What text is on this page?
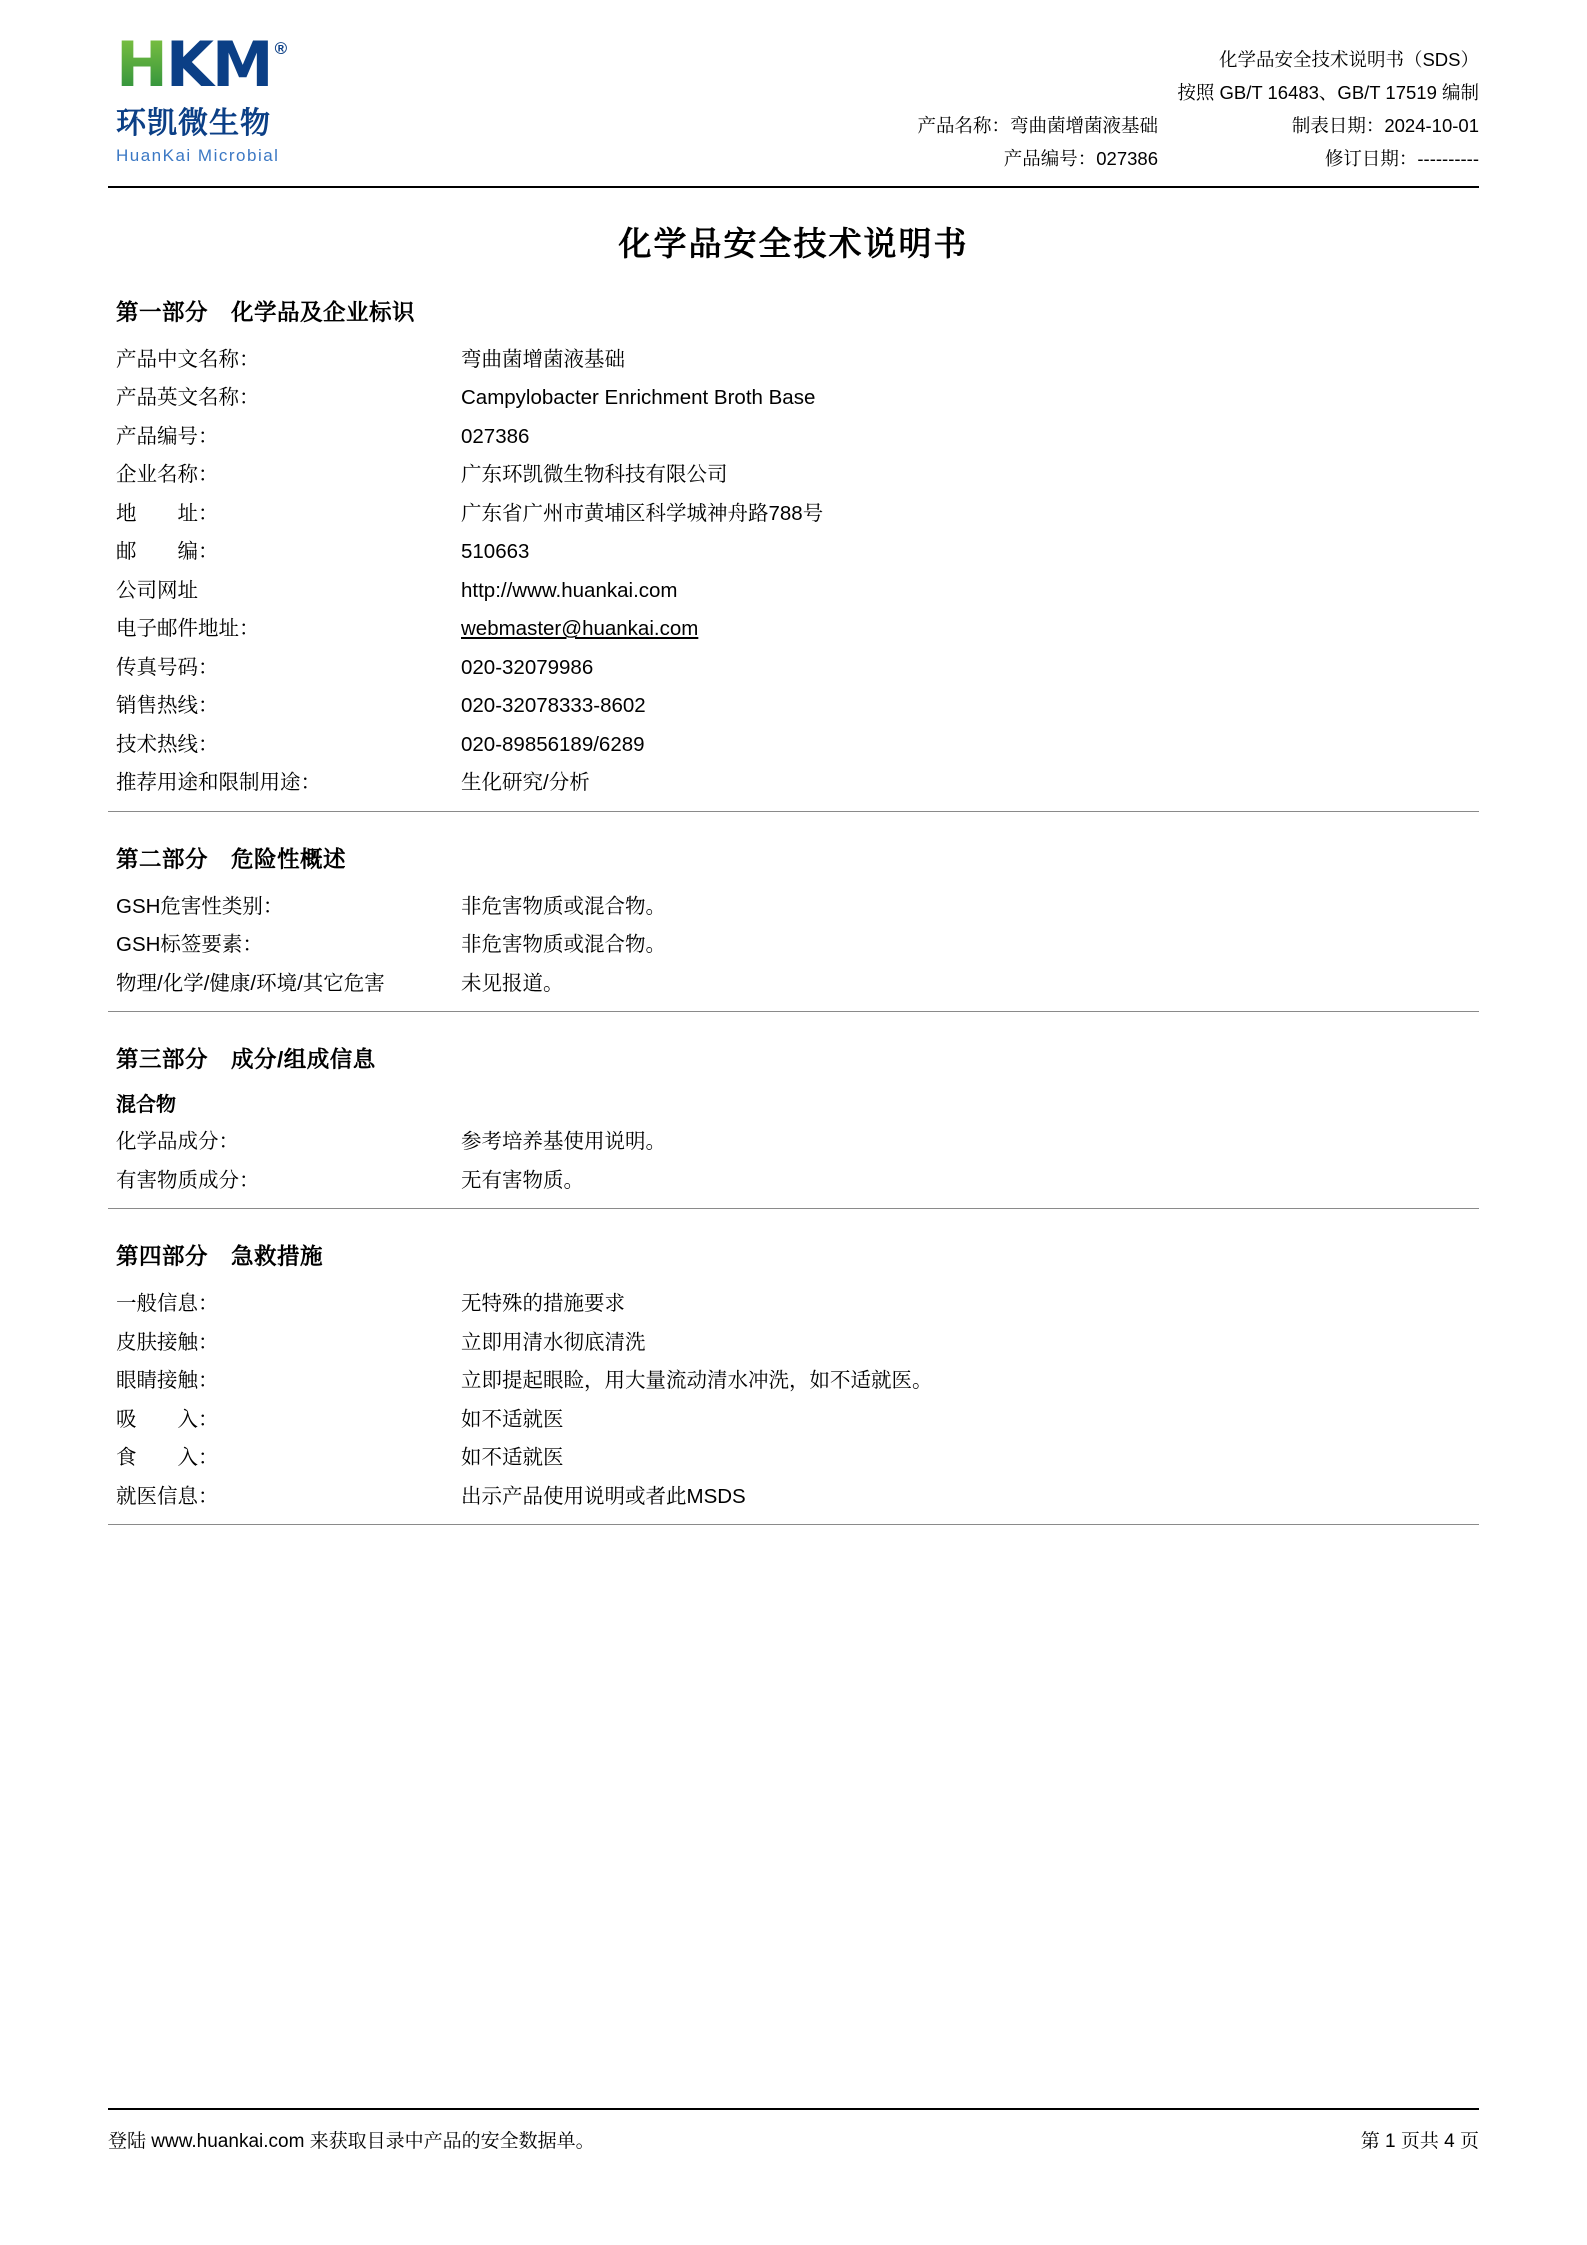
H KM ®
环凯微生物
HuanKai Microbial
化学品安全技术说明书（SDS）
按照 GB/T 16483、GB/T 17519 编制
产品名称：弯曲菌增菌液基础	制表日期：2024-10-01
产品编号：027386	修订日期：----------
化学品安全技术说明书
第一部分　化学品及企业标识
产品中文名称：	弯曲菌增菌液基础
产品英文名称：	Campylobacter Enrichment Broth Base
产品编号：	027386
企业名称：	广东环凯微生物科技有限公司
地　　址：	广东省广州市黄埔区科学城神舟路788号
邮　　编：	510663
公司网址	http://www.huankai.com
电子邮件地址：	webmaster@huankai.com
传真号码：	020-32079986
销售热线：	020-32078333-8602
技术热线：	020-89856189/6289
推荐用途和限制用途：	生化研究/分析
第二部分　危险性概述
GSH危害性类别：	非危害物质或混合物。
GSH标签要素：	非危害物质或混合物。
物理/化学/健康/环境/其它危害	未见报道。
第三部分　成分/组成信息
混合物
化学品成分：	参考培养基使用说明。
有害物质成分：	无有害物质。
第四部分　急救措施
一般信息：	无特殊的措施要求
皮肤接触：	立即用清水彻底清洗
眼睛接触：	立即提起眼睑，用大量流动清水冲洗，如不适就医。
吸　　入：	如不适就医
食　　入：	如不适就医
就医信息：	出示产品使用说明或者此MSDS
登陆 www.huankai.com 来获取目录中产品的安全数据单。	第 1 页共 4 页
